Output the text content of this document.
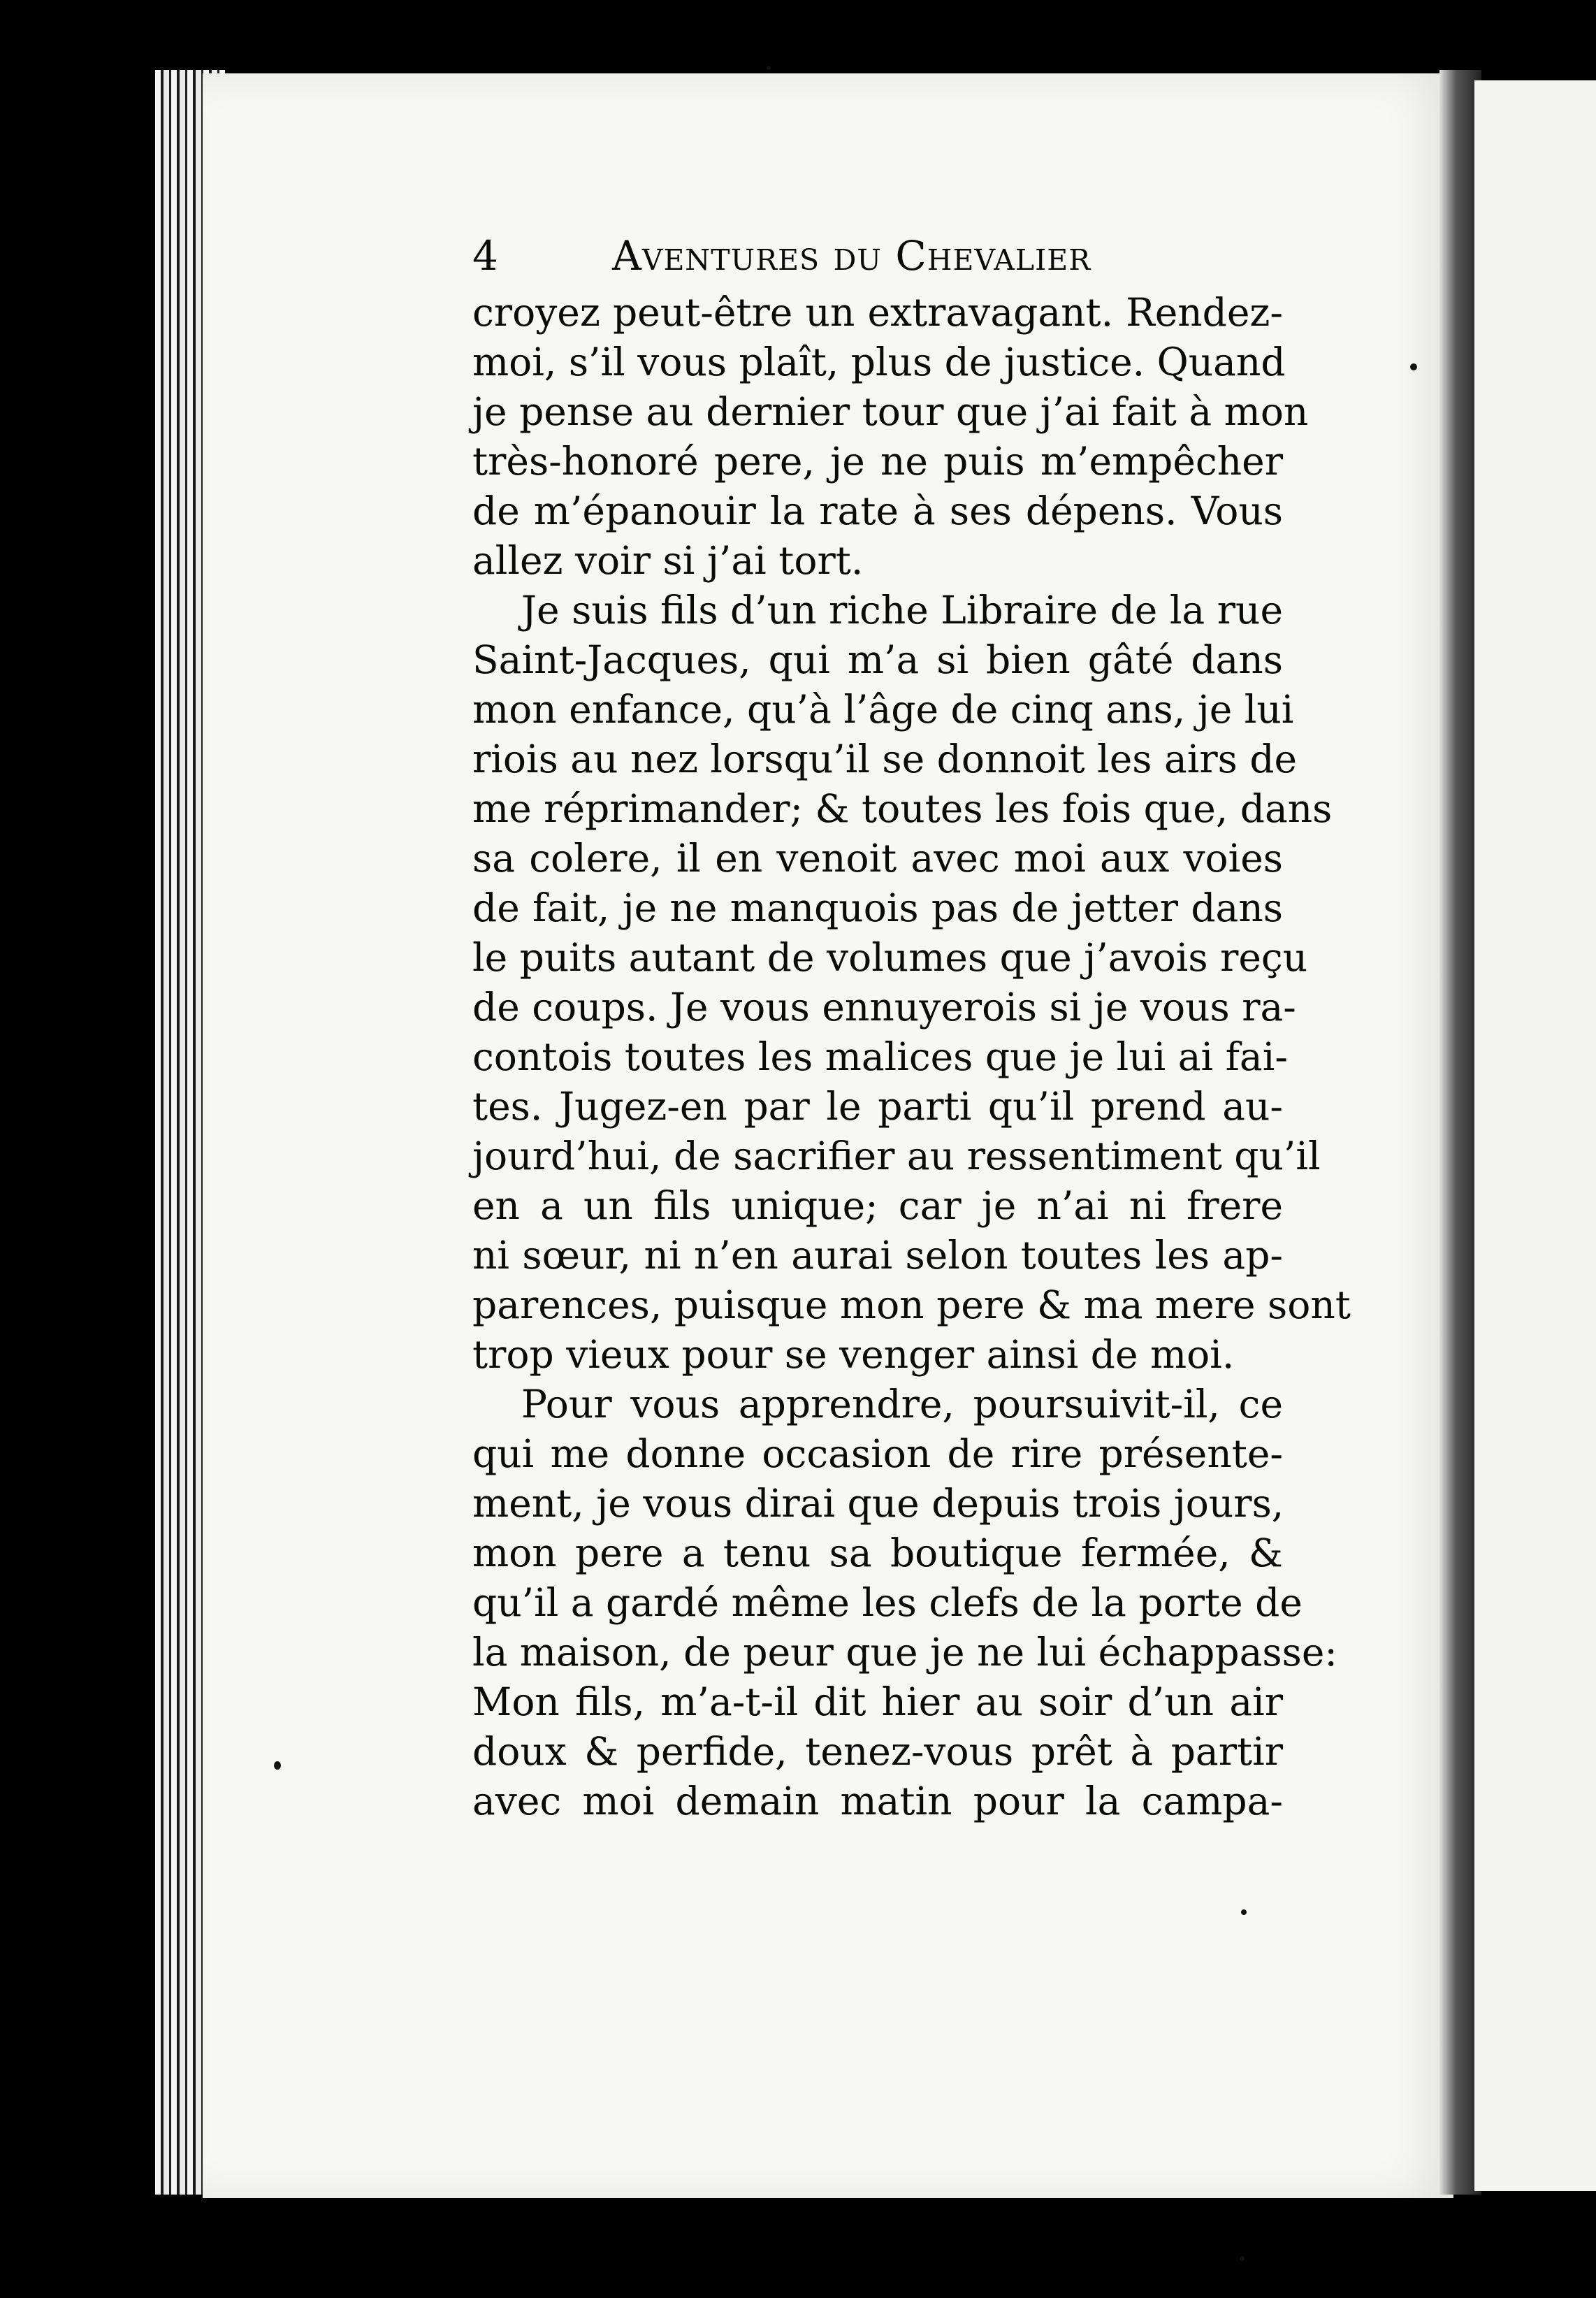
4	Aventures du Chevalier
croyez peut-être un extravagant. Rendez-
moi, s’il vous plaît, plus de justice. Quand
je pense au dernier tour que j’ai fait à mon
très-honoré pere, je ne puis m’empêcher
de m’épanouir la rate à ses dépens. Vous
allez voir si j’ai tort.
Je suis fils d’un riche Libraire de la rue
Saint-Jacques, qui m’a si bien gâté dans
mon enfance, qu’à l’âge de cinq ans, je lui
riois au nez lorsqu’il se donnoit les airs de
me réprimander; & toutes les fois que, dans
sa colere, il en venoit avec moi aux voies
de fait, je ne manquois pas de jetter dans
le puits autant de volumes que j’avois reçu
de coups. Je vous ennuyerois si je vous ra-
contois toutes les malices que je lui ai fai-
tes. Jugez-en par le parti qu’il prend au-
jourd’hui, de sacrifier au ressentiment qu’il
en a un fils unique; car je n’ai ni frere
ni sœur, ni n’en aurai selon toutes les ap-
parences, puisque mon pere & ma mere sont
trop vieux pour se venger ainsi de moi.
Pour vous apprendre, poursuivit-il, ce
qui me donne occasion de rire présente-
ment, je vous dirai que depuis trois jours,
mon pere a tenu sa boutique fermée, &
qu’il a gardé même les clefs de la porte de
la maison, de peur que je ne lui échappasse:
Mon fils, m’a-t-il dit hier au soir d’un air
doux & perfide, tenez-vous prêt à partir
avec moi demain matin pour la campa-
